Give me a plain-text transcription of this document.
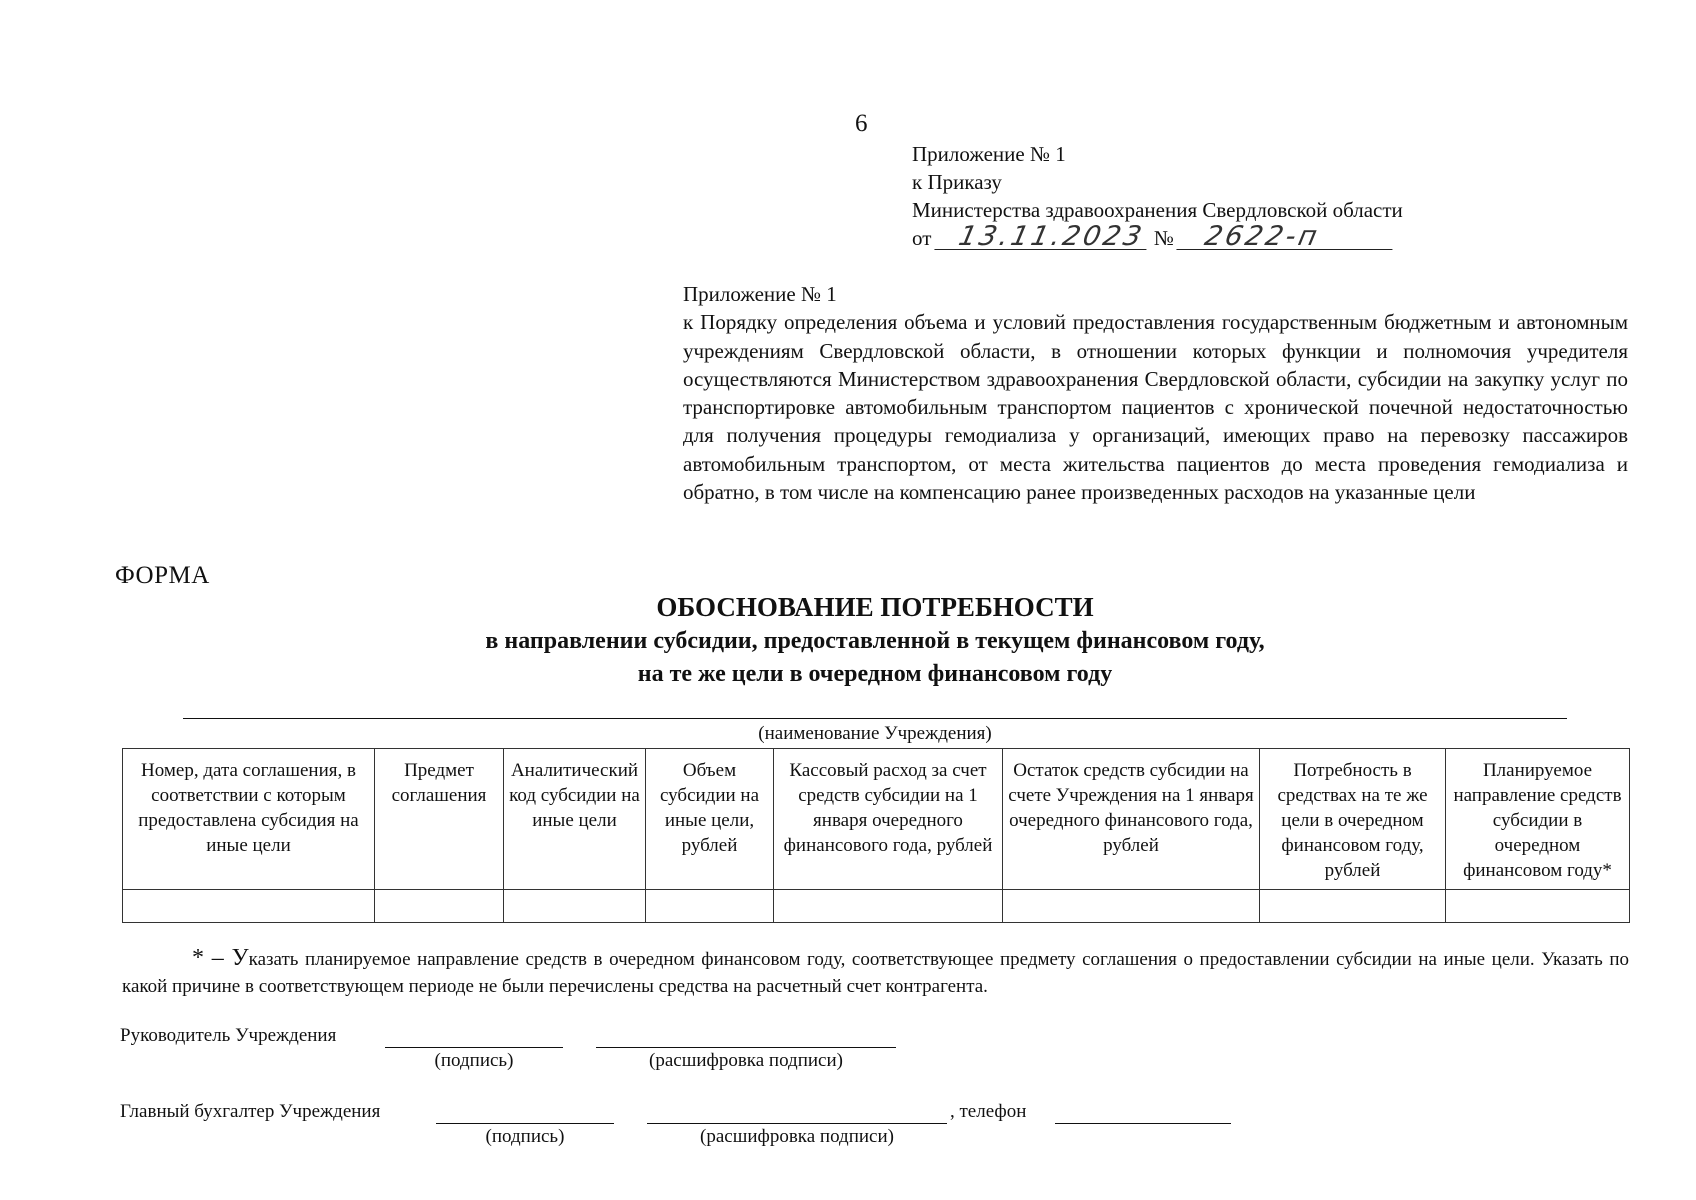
6
Приложение № 1
к Приказу
Министерства здравоохранения Свердловской области
от 13.11.2023 № 2622-п
Приложение № 1
к Порядку определения объема и условий предоставления государственным бюджетным и автономным учреждениям Свердловской области, в отношении которых функции и полномочия учредителя осуществляются Министерством здравоохранения Свердловской области, субсидии на закупку услуг по транспортировке автомобильным транспортом пациентов с хронической почечной недостаточностью для получения процедуры гемодиализа у организаций, имеющих право на перевозку пассажиров автомобильным транспортом, от места жительства пациентов до места проведения гемодиализа и обратно, в том числе на компенсацию ранее произведенных расходов на указанные цели
ФОРМА
ОБОСНОВАНИЕ ПОТРЕБНОСТИ
в направлении субсидии, предоставленной в текущем финансовом году,
на те же цели в очередном финансовом году
(наименование Учреждения)
Номер, дата соглашения, в соответствии с которым предоставлена субсидия на иные цели	Предмет соглашения	Аналитический код субсидии на иные цели	Объем субсидии на иные цели, рублей	Кассовый расход за счет средств субсидии на 1 января очередного финансового года, рублей	Остаток средств субсидии на счете Учреждения на 1 января очередного финансового года, рублей	Потребность в средствах на те же цели в очередном финансовом году, рублей	Планируемое направление средств субсидии в очередном финансовом году*

* – Указать планируемое направление средств в очередном финансовом году, соответствующее предмету соглашения о предоставлении субсидии на иные цели. Указать по какой причине в соответствующем периоде не были перечислены средства на расчетный счет контрагента.
Руководитель Учреждения
(подпись)	(расшифровка подписи)
Главный бухгалтер Учреждения	, телефон
(подпись)	(расшифровка подписи)
